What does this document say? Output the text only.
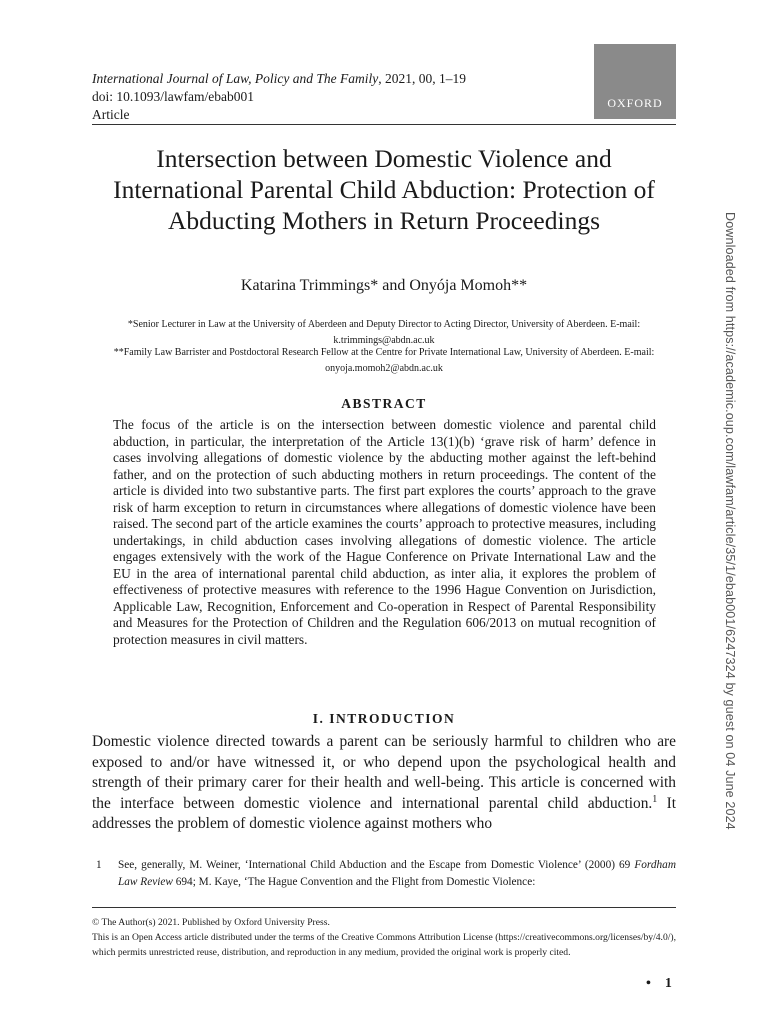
International Journal of Law, Policy and The Family, 2021, 00, 1–19
doi: 10.1093/lawfam/ebab001
Article
OXFORD
Intersection between Domestic Violence and International Parental Child Abduction: Protection of Abducting Mothers in Return Proceedings
Katarina Trimmings* and Onyója Momoh**
*Senior Lecturer in Law at the University of Aberdeen and Deputy Director to Acting Director, University of Aberdeen. E-mail: k.trimmings@abdn.ac.uk
**Family Law Barrister and Postdoctoral Research Fellow at the Centre for Private International Law, University of Aberdeen. E-mail: onyoja.momoh2@abdn.ac.uk
ABSTRACT
The focus of the article is on the intersection between domestic violence and parental child abduction, in particular, the interpretation of the Article 13(1)(b) ‘grave risk of harm’ defence in cases involving allegations of domestic violence by the abducting mother against the left-behind father, and on the protection of such abducting mothers in return proceedings. The content of the article is divided into two substantive parts. The first part explores the courts’ approach to the grave risk of harm exception to return in circumstances where allegations of domestic violence have been raised. The second part of the article examines the courts’ approach to protective measures, including undertakings, in child abduction cases involving allegations of domestic violence. The article engages extensively with the work of the Hague Conference on Private International Law and the EU in the area of international parental child abduction, as inter alia, it explores the problem of effectiveness of protective measures with reference to the 1996 Hague Convention on Jurisdiction, Applicable Law, Recognition, Enforcement and Co-operation in Respect of Parental Responsibility and Measures for the Protection of Children and the Regulation 606/2013 on mutual recognition of protection measures in civil matters.
I. INTRODUCTION
Domestic violence directed towards a parent can be seriously harmful to children who are exposed to and/or have witnessed it, or who depend upon the psychological health and strength of their primary carer for their health and well-being. This article is concerned with the interface between domestic violence and international parental child abduction.$^1$ It addresses the problem of domestic violence against mothers who
1	See, generally, M. Weiner, ‘International Child Abduction and the Escape from Domestic Violence’ (2000) 69 Fordham Law Review 694; M. Kaye, ‘The Hague Convention and the Flight from Domestic Violence:
© The Author(s) 2021. Published by Oxford University Press.
This is an Open Access article distributed under the terms of the Creative Commons Attribution License (https://creativecommons.org/licenses/by/4.0/), which permits unrestricted reuse, distribution, and reproduction in any medium, provided the original work is properly cited.
• 1
Downloaded from https://academic.oup.com/lawfam/article/35/1/ebab001/6247324 by guest on 04 June 2024
